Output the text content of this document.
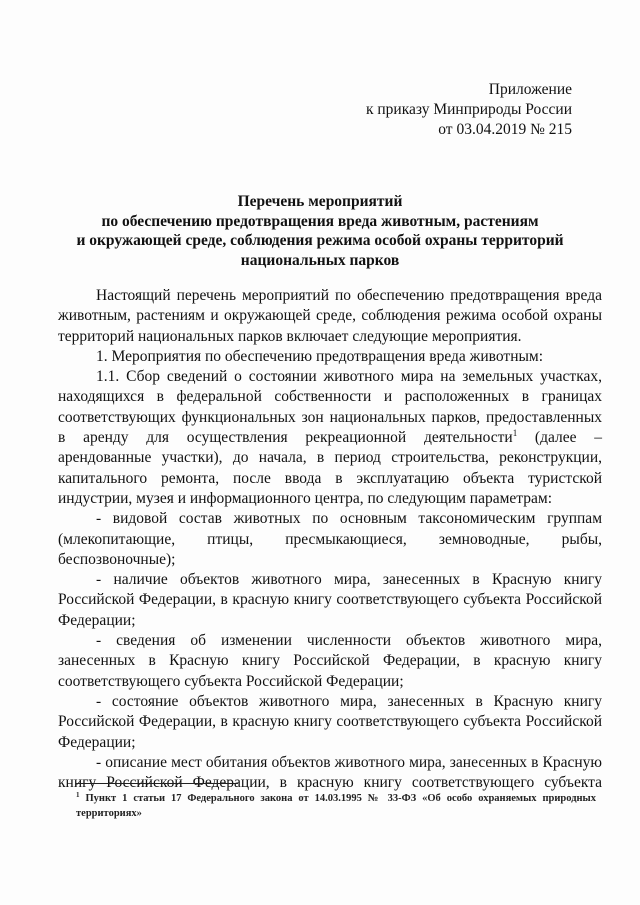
Приложение
к приказу Минприроды России
от 03.04.2019 № 215
Перечень мероприятий
по обеспечению предотвращения вреда животным, растениям
и окружающей среде, соблюдения режима особой охраны территорий
национальных парков

Настоящий перечень мероприятий по обеспечению предотвращения вреда животным, растениям и окружающей среде, соблюдения режима особой охраны территорий национальных парков включает следующие мероприятия.

1. Мероприятия по обеспечению предотвращения вреда животным:

1.1. Сбор сведений о состоянии животного мира на земельных участках, находящихся в федеральной собственности и расположенных в границах соответствующих функциональных зон национальных парков, предоставленных в аренду для осуществления рекреационной деятельности$^1$ (далее – арендованные участки), до начала, в период строительства, реконструкции, капитального ремонта, после ввода в эксплуатацию объекта туристской индустрии, музея и информационного центра, по следующим параметрам:

- видовой состав животных по основным таксономическим группам (млекопитающие, птицы, пресмыкающиеся, земноводные, рыбы, беспозвоночные);

- наличие объектов животного мира, занесенных в Красную книгу Российской Федерации, в красную книгу соответствующего субъекта Российской Федерации;

- сведения об изменении численности объектов животного мира, занесенных в Красную книгу Российской Федерации, в красную книгу соответствующего субъекта Российской Федерации;

- состояние объектов животного мира, занесенных в Красную книгу Российской Федерации, в красную книгу соответствующего субъекта Российской Федерации;

- описание мест обитания объектов животного мира, занесенных в Красную книгу Российской Федерации, в красную книгу соответствующего субъекта

$^1$ Пункт 1 статьи 17 Федерального закона от 14.03.1995 № 33-ФЗ «Об особо охраняемых природных территориях»
